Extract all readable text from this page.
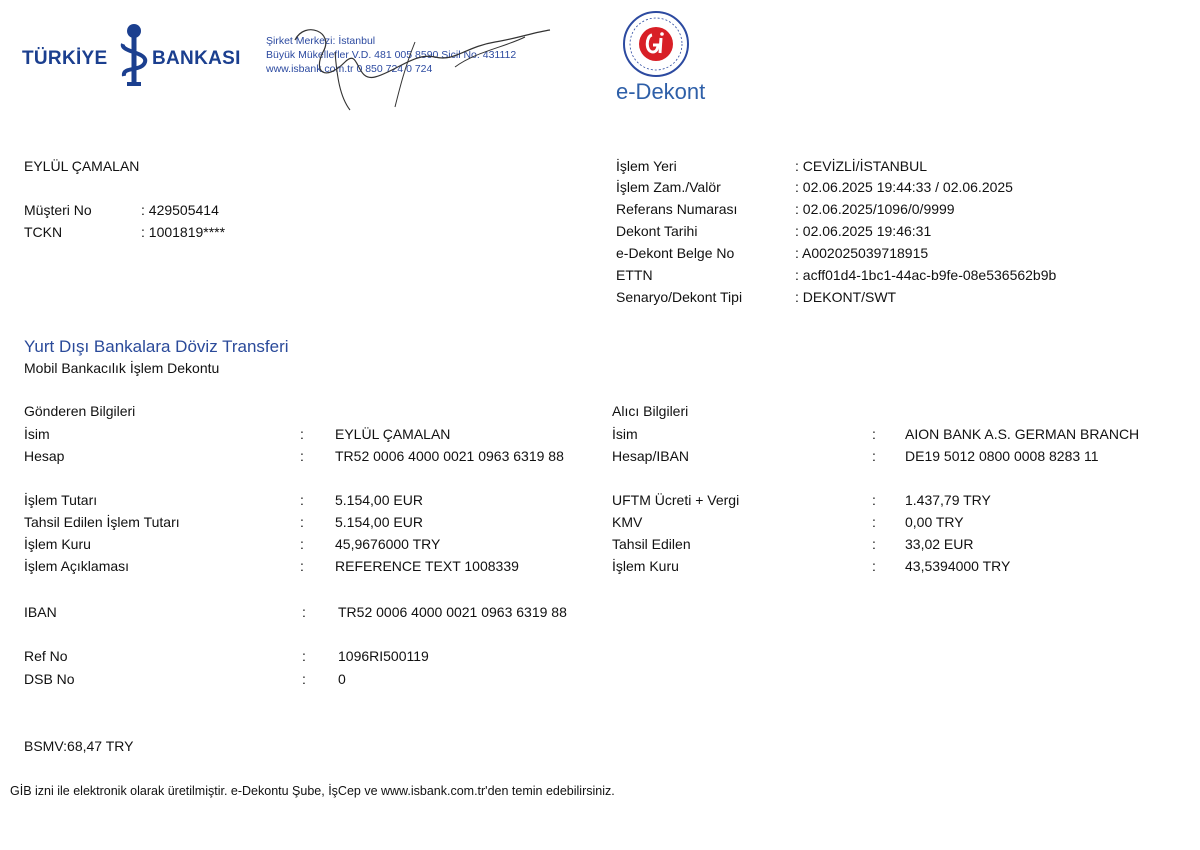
TÜRKİYE BANKASI
Şirket Merkezi: İstanbul
Büyük Mükellefler V.D. 481 005 8590 Sicil No. 431112
www.isbank.com.tr 0 850 724 0 724
e-Dekont
EYLÜL ÇAMALAN
Müşteri No	: 429505414
TCKN	: 1001819****
İşlem Yeri	: CEVİZLİ/İSTANBUL
İşlem Zam./Valör	: 02.06.2025 19:44:33 / 02.06.2025
Referans Numarası	: 02.06.2025/1096/0/9999
Dekont Tarihi	: 02.06.2025 19:46:31
e-Dekont Belge No	: A002025039718915
ETTN	: acff01d4-1bc1-44ac-b9fe-08e536562b9b
Senaryo/Dekont Tipi	: DEKONT/SWT
Yurt Dışı Bankalara Döviz Transferi
Mobil Bankacılık İşlem Dekontu
Gönderen Bilgileri	Alıcı Bilgileri
İsim	: EYLÜL ÇAMALAN	İsim	: AION BANK A.S. GERMAN BRANCH
Hesap	: TR52 0006 4000 0021 0963 6319 88	Hesap/IBAN	: DE19 5012 0800 0008 8283 11
İşlem Tutarı	: 5.154,00 EUR	UFTM Ücreti + Vergi	: 1.437,79 TRY
Tahsil Edilen İşlem Tutarı	: 5.154,00 EUR	KMV	: 0,00 TRY
İşlem Kuru	: 45,9676000 TRY	Tahsil Edilen	: 33,02 EUR
İşlem Açıklaması	: REFERENCE TEXT 1008339	İşlem Kuru	: 43,5394000 TRY
IBAN	: TR52 0006 4000 0021 0963 6319 88
Ref No	: 1096RI500119
DSB No	: 0
BSMV:68,47 TRY
GİB izni ile elektronik olarak üretilmiştir. e-Dekontu Şube, İşCep ve www.isbank.com.tr'den temin edebilirsiniz.
